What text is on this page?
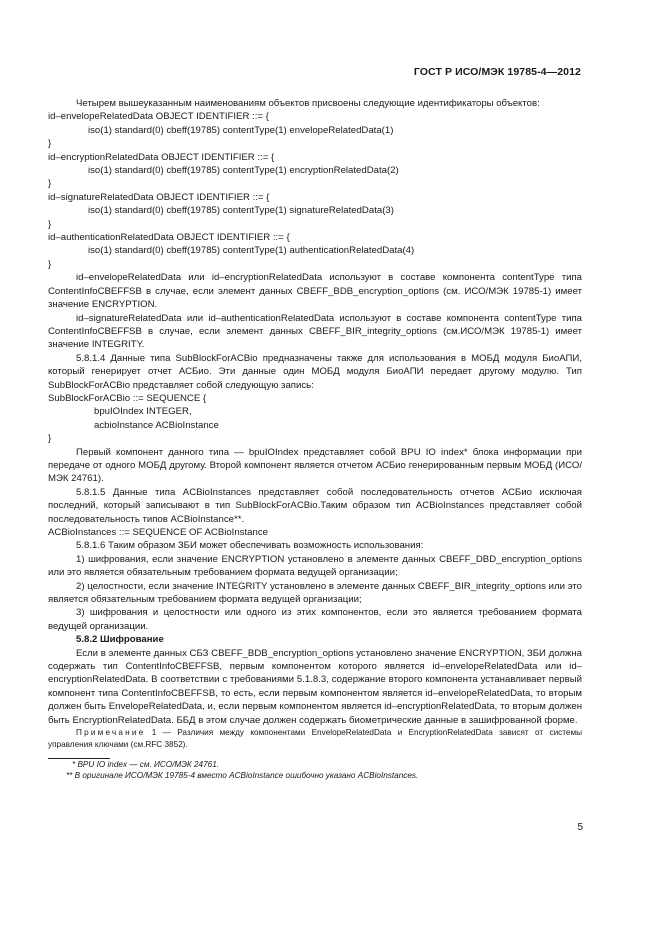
ГОСТ Р ИСО/МЭК 19785-4—2012

Четырем вышеуказанным наименованиям объектов присвоены следующие идентификаторы объектов:

id–envelopeRelatedData OBJECT IDENTIFIER ::= {

iso(1) standard(0) cbeff(19785) contentType(1) envelopeRelatedData(1)

}

id–encryptionRelatedData OBJECT IDENTIFIER ::= {

iso(1) standard(0) cbeff(19785) contentType(1) encryptionRelatedData(2)

}

id–signatureRelatedData OBJECT IDENTIFIER ::= {

iso(1) standard(0) cbeff(19785) contentType(1) signatureRelatedData(3)

}

id–authenticationRelatedData OBJECT IDENTIFIER ::= {

iso(1) standard(0) cbeff(19785) contentType(1) authenticationRelatedData(4)

}

id–envelopeRelatedData или id–encryptionRelatedData используют в составе компонента contentType типа ContentInfoCBEFFSB в случае, если элемент данных CBEFF_BDB_encryption_options (см. ИСО/МЭК 19785-1) имеет значение ENCRYPTION.

id–signatureRelatedData или id–authenticationRelatedData используют в составе компонента contentType типа ContentInfoCBEFFSB в случае, если элемент данных CBEFF_BIR_integrity_options (см.ИСО/МЭК 19785-1) имеет значение INTEGRITY.

5.8.1.4 Данные типа SubBlockForACBio предназначены также для использования в МОБД модуля БиоАПИ, который генерирует отчет АСБио. Эти данные один МОБД модуля БиоАПИ передает другому модулю. Тип SubBlockForACBio представляет собой следующую запись:

SubBlockForACBio ::= SEQUENCE {

bpuIOIndex INTEGER,

acbioInstance ACBioInstance

}

Первый компонент данного типа — bpuIOIndex представляет собой BPU IO index* блока информации при передаче от одного МОБД другому. Второй компонент является отчетом АСБио генерированным первым МОБД (ИСО/МЭК 24761).

5.8.1.5 Данные типа ACBioInstances представляет собой последовательность отчетов АСБио исключая последний, который записывают в тип SubBlockForACBio.Таким образом тип ACBioInstances представляет собой последовательность типов ACBioInstance**.

ACBioInstances ::= SEQUENCE OF ACBioInstance

5.8.1.6 Таким образом ЗБИ может обеспечивать возможность использования:

1) шифрования, если значение ENCRYPTION установлено в элементе данных CBEFF_DBD_encryption_options или это является обязательным требованием формата ведущей организации;

2) целостности, если значение INTEGRITY установлено в элементе данных CBEFF_BIR_integrity_options или это является обязательным требованием формата ведущей организации;

3) шифрования и целостности или одного из этих компонентов, если это является требованием формата ведущей организации.

5.8.2 Шифрование

Если в элементе данных СБЗ CBEFF_BDB_encryption_options установлено значение ENCRYPTION, ЗБИ должна содержать тип ContentInfoCBEFFSB, первым компонентом которого является id–envelopeRelatedData или id–encryptionRelatedData. В соответствии с требованиями 5.1.8.3, содержание второго компонента устанавливает первый компонент типа ContentInfoCBEFFSB, то есть, если первым компонентом является id–envelopeRelatedData, то вторым должен быть EnvelopeRelatedData, и, если первым компонентом является id–encryptionRelatedData, то вторым должен быть EncryptionRelatedData. ББД в этом случае должен содержать биометрические данные в зашифрованной форме.

Примечание 1 — Различия между компонентами EnvelopeRelatedData и EncryptionRelatedData зависят от системы управления ключами (см.RFC 3852).

* BPU IO index — см. ИСО/МЭК 24761.

** В оригинале ИСО/МЭК 19785-4 вместо ACBioInstance ошибочно указано ACBioInstances.

5
